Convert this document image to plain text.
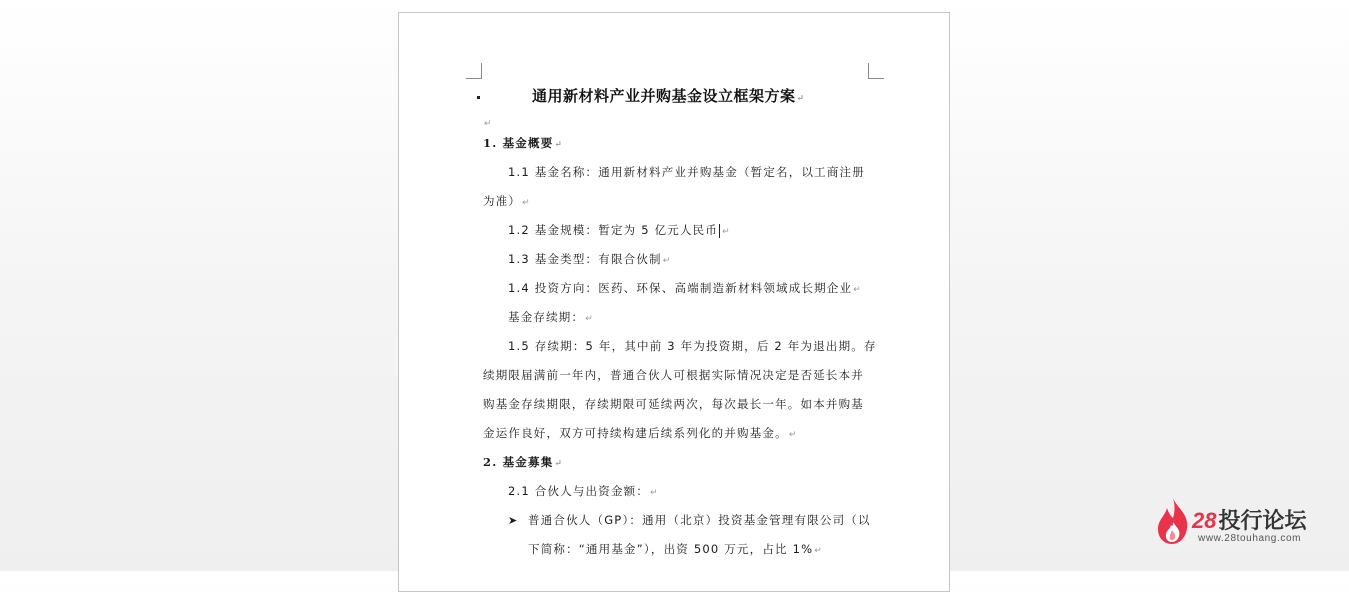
通用新材料产业并购基金设立框架方案↵
↵
1. 基金概要↵
1.1 基金名称：通用新材料产业并购基金（暂定名，以工商注册
为准）↵
1.2 基金规模：暂定为 5 亿元人民币 ↵
1.3 基金类型：有限合伙制↵
1.4 投资方向：医药、环保、高端制造新材料领域成长期企业↵
基金存续期：↵
1.5 存续期：5 年，其中前 3 年为投资期，后 2 年为退出期。存
续期限届满前一年内，普通合伙人可根据实际情况决定是否延长本并
购基金存续期限，存续期限可延续两次，每次最长一年。如本并购基
金运作良好，双方可持续构建后续系列化的并购基金。↵
2. 基金募集↵
2.1 合伙人与出资金额：↵
➤ 普通合伙人（GP）：通用（北京）投资基金管理有限公司（以
下简称：“通用基金”），出资 500 万元，占比 1%↵
28投行论坛
www.28touhang.com
